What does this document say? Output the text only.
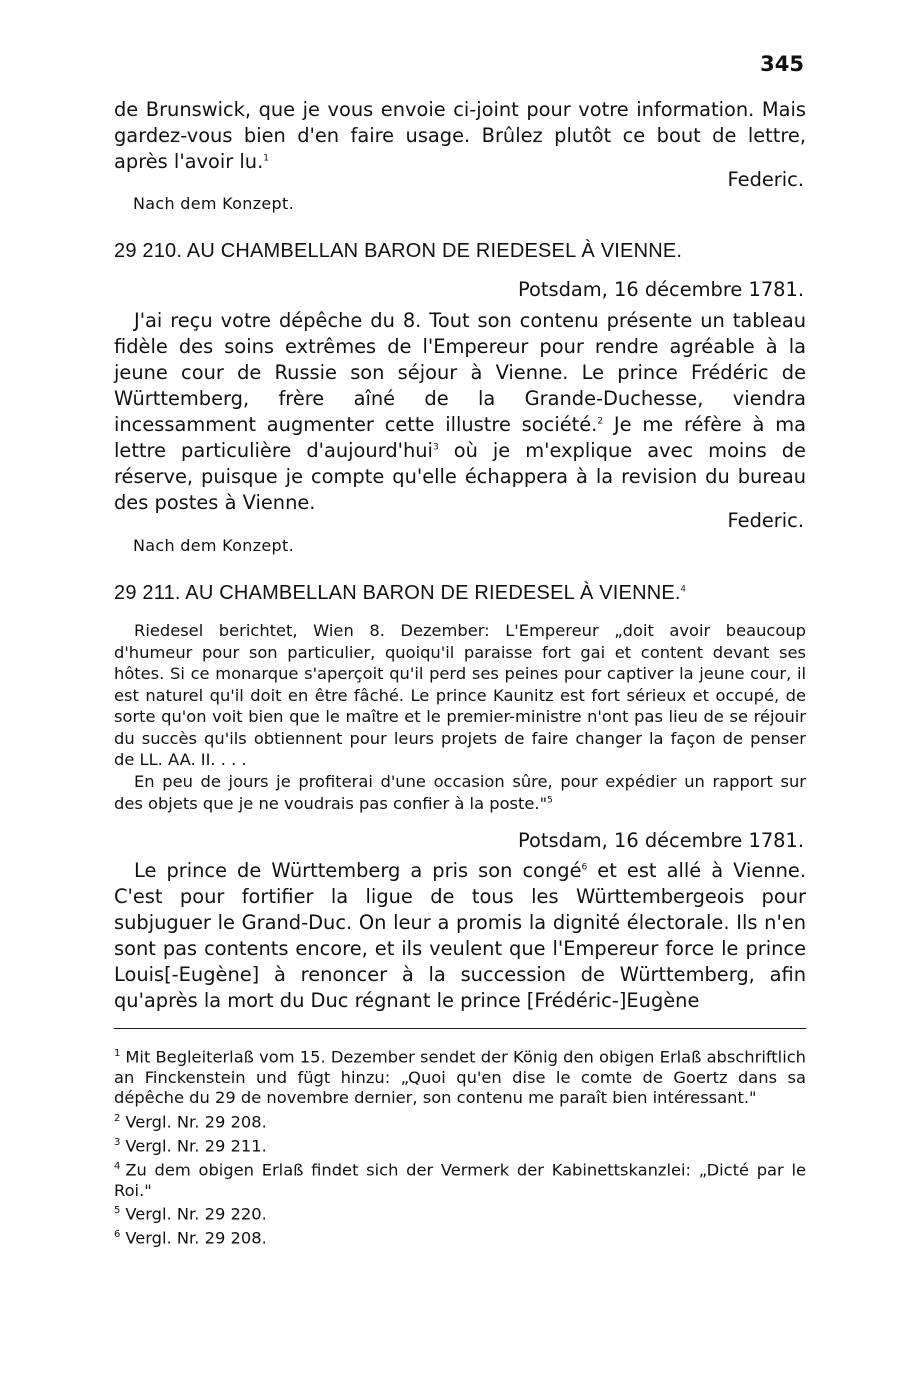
345

de Brunswick, que je vous envoie ci-joint pour votre information. Mais gardez-vous bien d'en faire usage. Brûlez plutôt ce bout de lettre, après l'avoir lu.$^1$

Federic.
Nach dem Konzept.
29 210. AU CHAMBELLAN BARON DE RIEDESEL À VIENNE.
Potsdam, 16 décembre 1781.

J'ai reçu votre dépêche du 8. Tout son contenu présente un tableau fidèle des soins extrêmes de l'Empereur pour rendre agréable à la jeune cour de Russie son séjour à Vienne. Le prince Frédéric de Württemberg, frère aîné de la Grande-Duchesse, viendra incessamment augmenter cette illustre société.$^2$ Je me réfère à ma lettre particulière d'aujourd'hui$^3$ où je m'explique avec moins de réserve, puisque je compte qu'elle échappera à la revision du bureau des postes à Vienne.

Federic.
Nach dem Konzept.
29 211. AU CHAMBELLAN BARON DE RIEDESEL À VIENNE.$^4$

Riedesel berichtet, Wien 8. Dezember: L'Empereur „doit avoir beaucoup d'humeur pour son particulier, quoiqu'il paraisse fort gai et content devant ses hôtes. Si ce monarque s'aperçoit qu'il perd ses peines pour captiver la jeune cour, il est naturel qu'il doit en être fâché. Le prince Kaunitz est fort sérieux et occupé, de sorte qu'on voit bien que le maître et le premier-ministre n'ont pas lieu de se réjouir du succès qu'ils obtiennent pour leurs projets de faire changer la façon de penser de LL. AA. II. . . .

En peu de jours je profiterai d'une occasion sûre, pour expédier un rapport sur des objets que je ne voudrais pas confier à la poste."$^5$

Potsdam, 16 décembre 1781.

Le prince de Württemberg a pris son congé$^6$ et est allé à Vienne. C'est pour fortifier la ligue de tous les Württembergeois pour subjuguer le Grand-Duc. On leur a promis la dignité électorale. Ils n'en sont pas contents encore, et ils veulent que l'Empereur force le prince Louis[-Eugène] à renoncer à la succession de Württemberg, afin qu'après la mort du Duc régnant le prince [Frédéric-]Eugène

$^1$ Mit Begleiterlaß vom 15. Dezember sendet der König den obigen Erlaß abschriftlich an Finckenstein und fügt hinzu: „Quoi qu'en dise le comte de Goertz dans sa dépêche du 29 de novembre dernier, son contenu me paraît bien intéressant."
$^2$ Vergl. Nr. 29 208.
$^3$ Vergl. Nr. 29 211.
$^4$ Zu dem obigen Erlaß findet sich der Vermerk der Kabinettskanzlei: „Dicté par le Roi."
$^5$ Vergl. Nr. 29 220.
$^6$ Vergl. Nr. 29 208.
